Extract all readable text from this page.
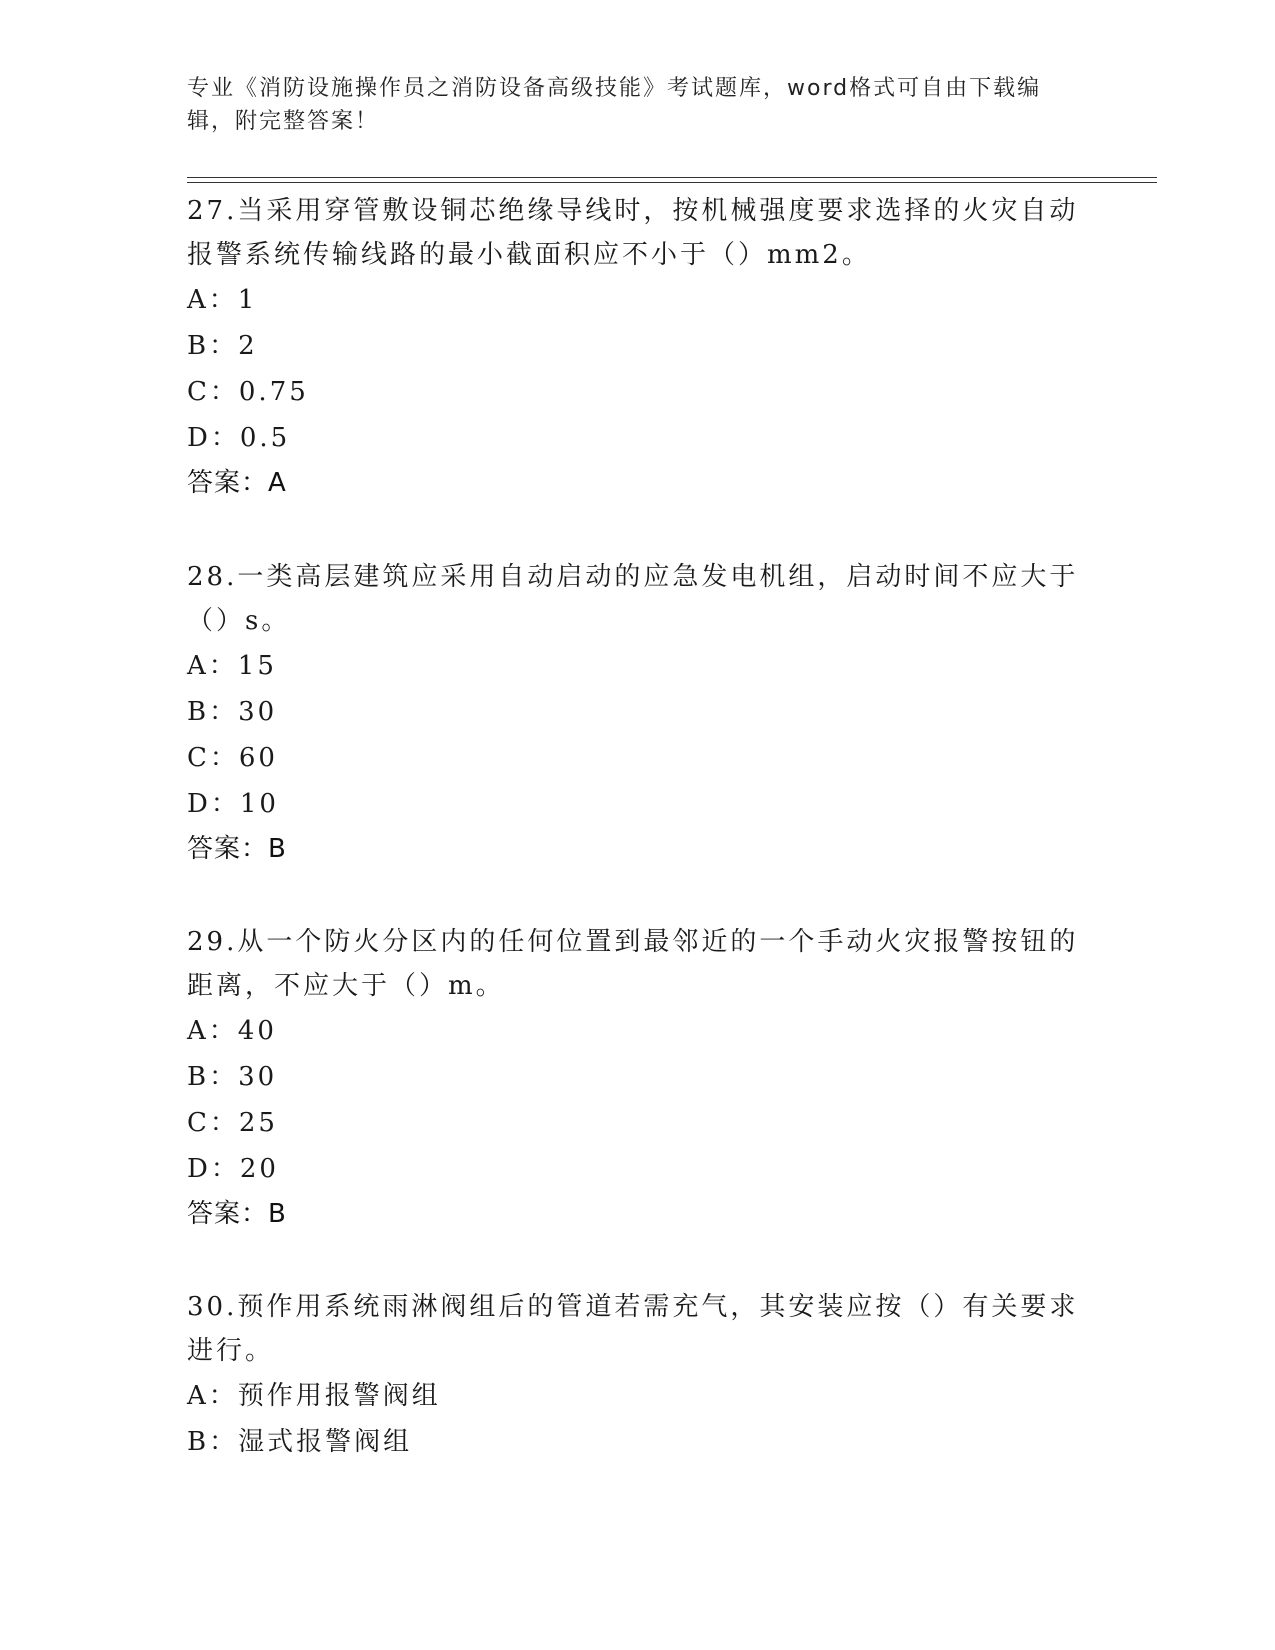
专业《消防设施操作员之消防设备高级技能》考试题库，word格式可自由下载编辑，附完整答案！

27.当采用穿管敷设铜芯绝缘导线时，按机械强度要求选择的火灾自动报警系统传输线路的最小截面积应不小于（）mm2。

A：1

B：2

C：0.75

D：0.5

答案：A

28.一类高层建筑应采用自动启动的应急发电机组，启动时间不应大于（）s。

A：15

B：30

C：60

D：10

答案：B

29.从一个防火分区内的任何位置到最邻近的一个手动火灾报警按钮的距离，不应大于（）m。

A：40

B：30

C：25

D：20

答案：B

30.预作用系统雨淋阀组后的管道若需充气，其安装应按（）有关要求进行。

A：预作用报警阀组

B：湿式报警阀组
